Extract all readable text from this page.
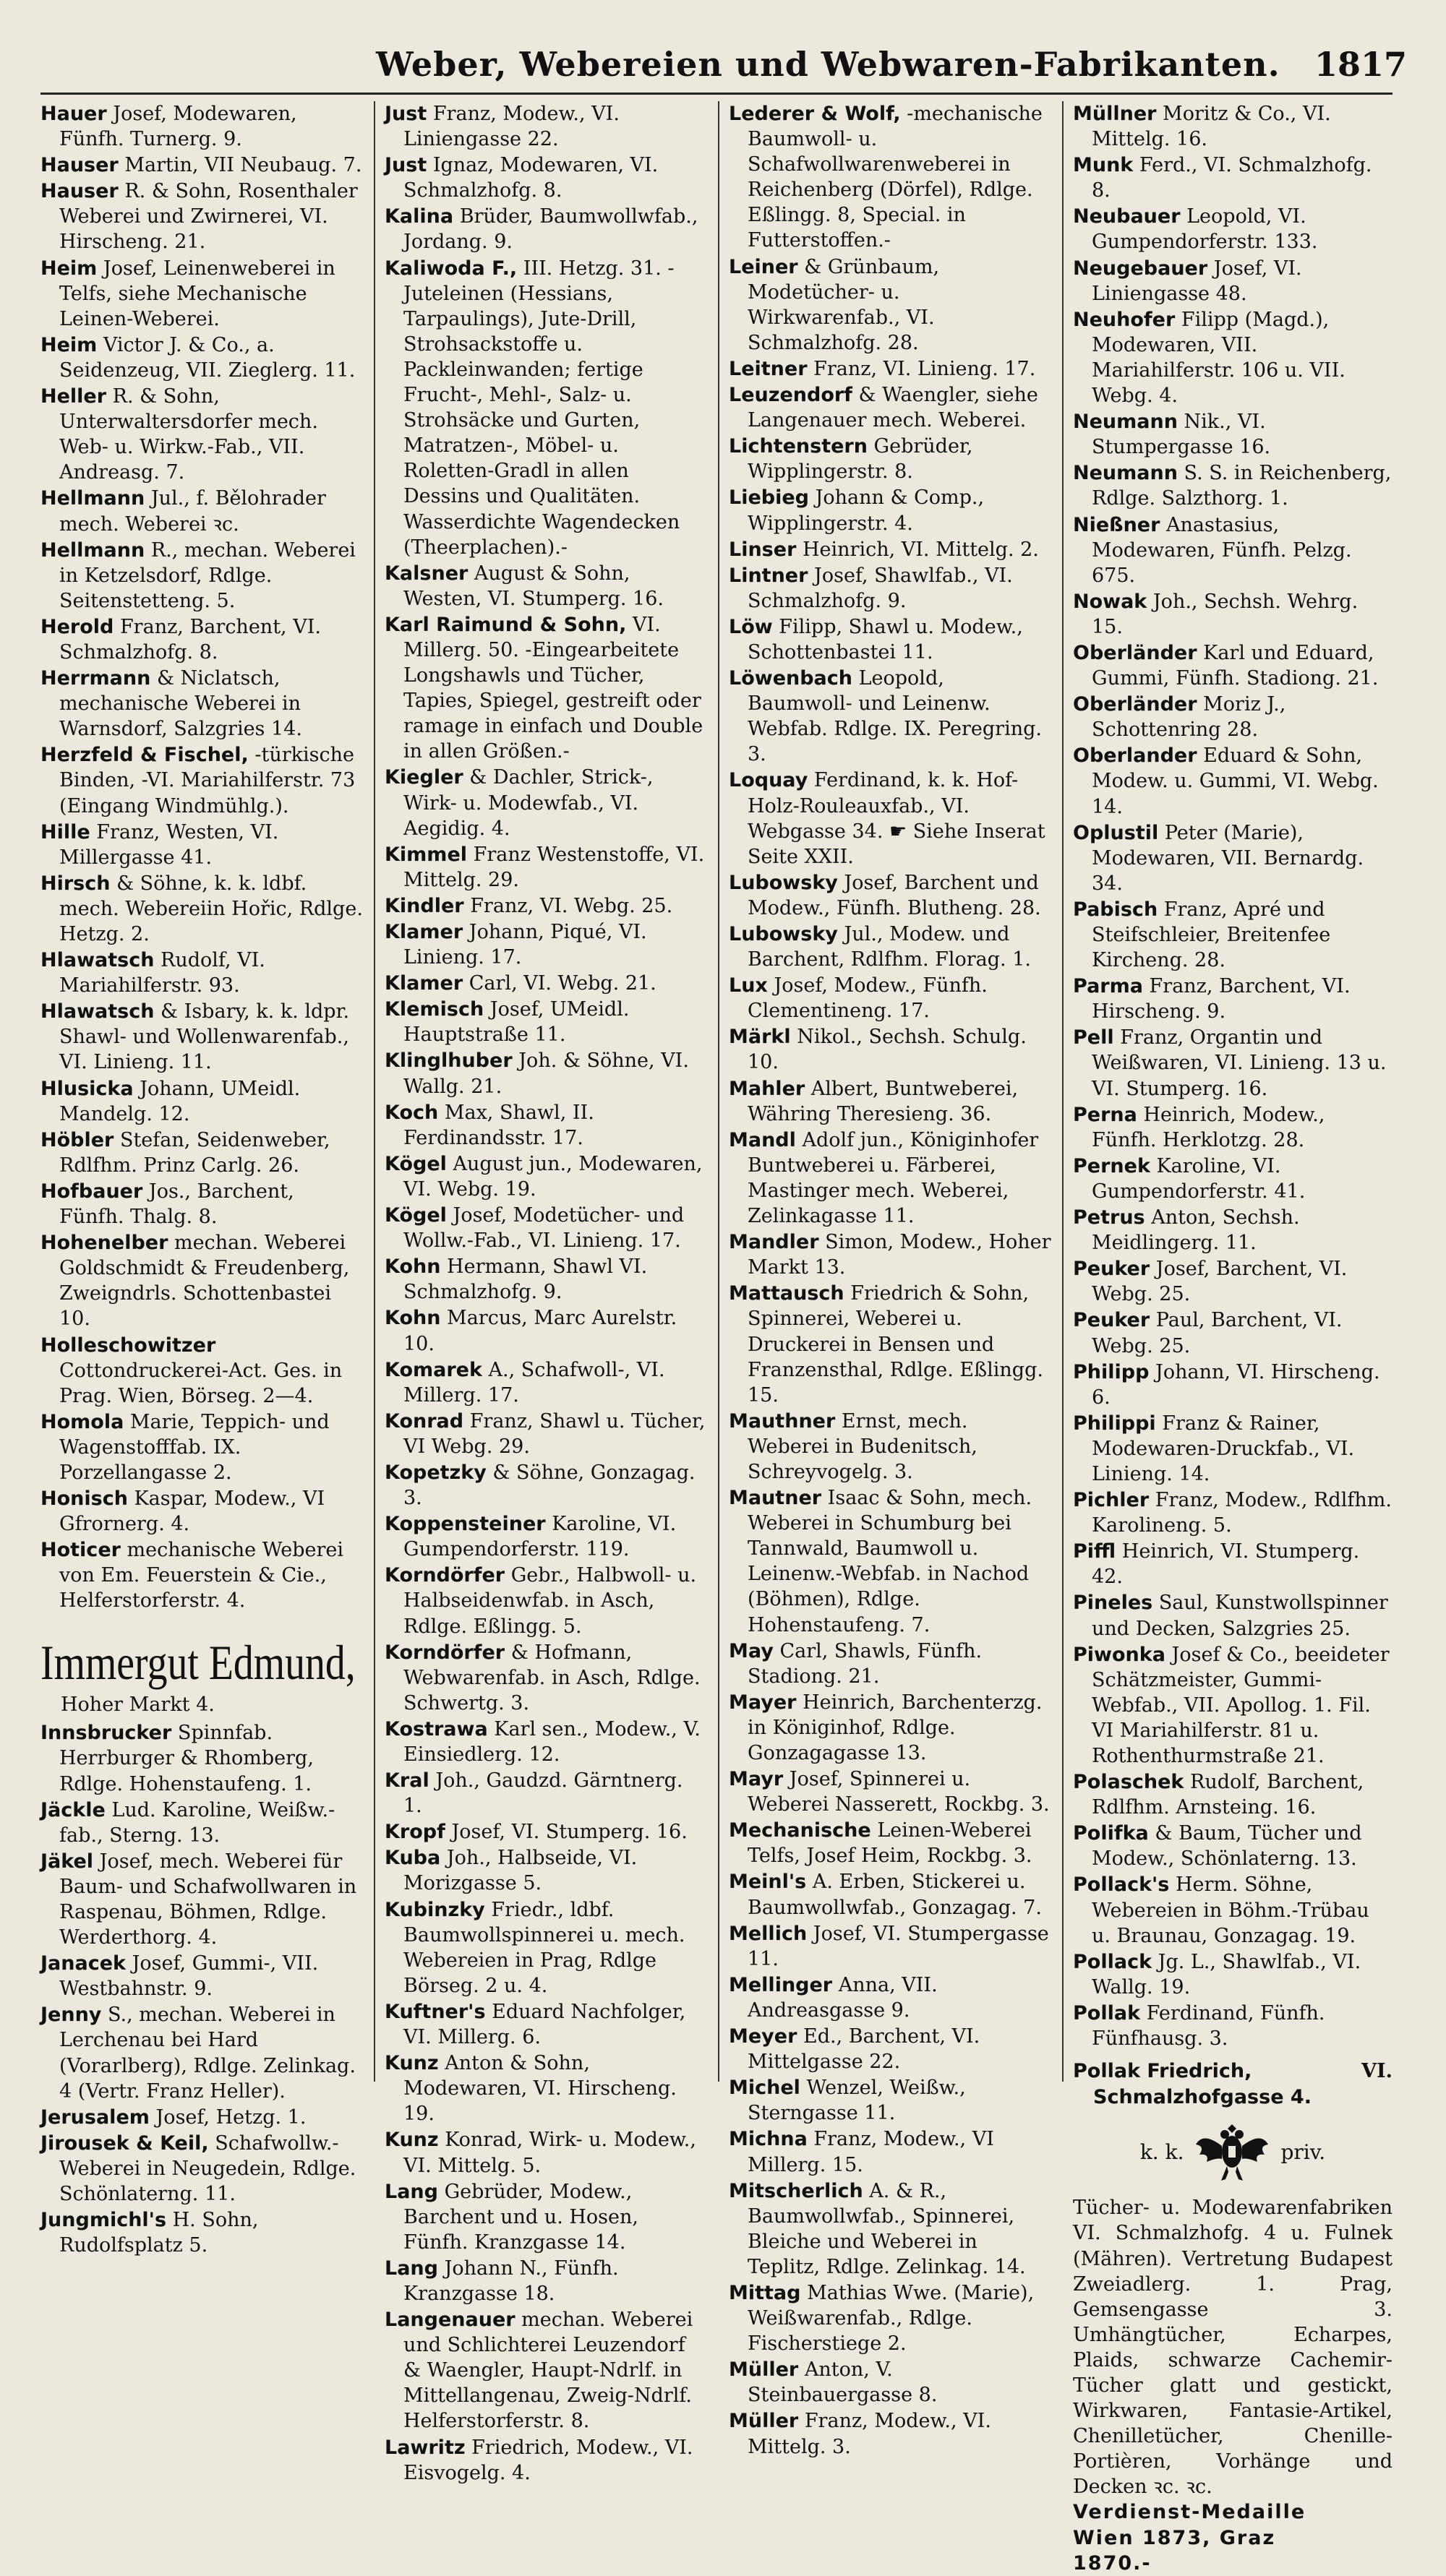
Weber, Webereien und Webwaren-Fabrikanten. 1817

Hauer Josef, Modewaren, Fünfh. Turnerg. 9.

Hauser Martin, VII Neubaug. 7.

Hauser R. & Sohn, Rosenthaler Weberei und Zwirnerei, VI. Hirscheng. 21.

Heim Josef, Leinenweberei in Telfs, siehe Mechanische Leinen-Weberei.

Heim Victor J. & Co., a. Seidenzeug, VII. Zieglerg. 11.

Heller R. & Sohn, Unterwaltersdorfer mech. Web- u. Wirkw.-Fab., VII. Andreasg. 7.

Hellmann Jul., f. Bělohrader mech. Weberei ꝛc.

Hellmann R., mechan. Weberei in Ketzelsdorf, Rdlge. Seitenstetteng. 5.

Herold Franz, Barchent, VI. Schmalzhofg. 8.

Herrmann & Niclatsch, mechanische Weberei in Warnsdorf, Salzgries 14.

Herzfeld & Fischel, -türkische Binden, -VI. Mariahilferstr. 73 (Eingang Windmühlg.).

Hille Franz, Westen, VI. Millergasse 41.

Hirsch & Söhne, k. k. ldbf. mech. Webereiin Hořic, Rdlge. Hetzg. 2.

Hlawatsch Rudolf, VI. Mariahilferstr. 93.

Hlawatsch & Isbary, k. k. ldpr. Shawl- und Wollenwarenfab., VI. Linieng. 11.

Hlusicka Johann, UMeidl. Mandelg. 12.

Höbler Stefan, Seidenweber, Rdlfhm. Prinz Carlg. 26.

Hofbauer Jos., Barchent, Fünfh. Thalg. 8.

Hohenelber mechan. Weberei Goldschmidt & Freudenberg, Zweigndrls. Schottenbastei 10.

Holleschowitzer Cottondruckerei-Act. Ges. in Prag. Wien, Börseg. 2—4.

Homola Marie, Teppich- und Wagenstofffab. IX. Porzellangasse 2.

Honisch Kaspar, Modew., VI Gfrornerg. 4.

Hoticer mechanische Weberei von Em. Feuerstein & Cie., Helferstorferstr. 4.

Immergut Edmund,
Hoher Markt 4.

Innsbrucker Spinnfab. Herrburger & Rhomberg, Rdlge. Hohenstaufeng. 1.

Jäckle Lud. Karoline, Weißw.-fab., Sterng. 13.

Jäkel Josef, mech. Weberei für Baum- und Schafwollwaren in Raspenau, Böhmen, Rdlge. Werderthorg. 4.

Janacek Josef, Gummi-, VII. Westbahnstr. 9.

Jenny S., mechan. Weberei in Lerchenau bei Hard (Vorarlberg), Rdlge. Zelinkag. 4 (Vertr. Franz Heller).

Jerusalem Josef, Hetzg. 1.

Jirousek & Keil, Schafwollw.-Weberei in Neugedein, Rdlge. Schönlaterng. 11.

Jungmichl's H. Sohn, Rudolfsplatz 5.

Just Franz, Modew., VI. Liniengasse 22.

Just Ignaz, Modewaren, VI. Schmalzhofg. 8.

Kalina Brüder, Baumwollwfab., Jordang. 9.

Kaliwoda F., III. Hetzg. 31. -Juteleinen (Hessians, Tarpaulings), Jute-Drill, Strohsackstoffe u. Packleinwanden; fertige Frucht-, Mehl-, Salz- u. Strohsäcke und Gurten, Matratzen-, Möbel- u. Roletten-Gradl in allen Dessins und Qualitäten. Wasserdichte Wagendecken (Theerplachen).-

Kalsner August & Sohn, Westen, VI. Stumperg. 16.

Karl Raimund & Sohn, VI. Millerg. 50. -Eingearbeitete Longshawls und Tücher, Tapies, Spiegel, gestreift oder ramage in einfach und Double in allen Größen.-

Kiegler & Dachler, Strick-, Wirk- u. Modewfab., VI. Aegidig. 4.

Kimmel Franz Westenstoffe, VI. Mittelg. 29.

Kindler Franz, VI. Webg. 25.

Klamer Johann, Piqué, VI. Linieng. 17.

Klamer Carl, VI. Webg. 21.

Klemisch Josef, UMeidl. Hauptstraße 11.

Klinglhuber Joh. & Söhne, VI. Wallg. 21.

Koch Max, Shawl, II. Ferdinandsstr. 17.

Kögel August jun., Modewaren, VI. Webg. 19.

Kögel Josef, Modetücher- und Wollw.-Fab., VI. Linieng. 17.

Kohn Hermann, Shawl VI. Schmalzhofg. 9.

Kohn Marcus, Marc Aurelstr. 10.

Komarek A., Schafwoll-, VI. Millerg. 17.

Konrad Franz, Shawl u. Tücher, VI Webg. 29.

Kopetzky & Söhne, Gonzagag. 3.

Koppensteiner Karoline, VI. Gumpendorferstr. 119.

Korndörfer Gebr., Halbwoll- u. Halbseidenwfab. in Asch, Rdlge. Eßlingg. 5.

Korndörfer & Hofmann, Webwarenfab. in Asch, Rdlge. Schwertg. 3.

Kostrawa Karl sen., Modew., V. Einsiedlerg. 12.

Kral Joh., Gaudzd. Gärntnerg. 1.

Kropf Josef, VI. Stumperg. 16.

Kuba Joh., Halbseide, VI. Morizgasse 5.

Kubinzky Friedr., ldbf. Baumwollspinnerei u. mech. Webereien in Prag, Rdlge Börseg. 2 u. 4.

Kuftner's Eduard Nachfolger, VI. Millerg. 6.

Kunz Anton & Sohn, Modewaren, VI. Hirscheng. 19.

Kunz Konrad, Wirk- u. Modew., VI. Mittelg. 5.

Lang Gebrüder, Modew., Barchent und u. Hosen, Fünfh. Kranzgasse 14.

Lang Johann N., Fünfh. Kranzgasse 18.

Langenauer mechan. Weberei und Schlichterei Leuzendorf & Waengler, Haupt-Ndrlf. in Mittellangenau, Zweig-Ndrlf. Helferstorferstr. 8.

Lawritz Friedrich, Modew., VI. Eisvogelg. 4.

Lederer & Wolf, -mechanische Baumwoll- u. Schafwollwarenweberei in Reichenberg (Dörfel), Rdlge. Eßlingg. 8, Special. in Futterstoffen.-

Leiner & Grünbaum, Modetücher- u. Wirkwarenfab., VI. Schmalzhofg. 28.

Leitner Franz, VI. Linieng. 17.

Leuzendorf & Waengler, siehe Langenauer mech. Weberei.

Lichtenstern Gebrüder, Wipplingerstr. 8.

Liebieg Johann & Comp., Wipplingerstr. 4.

Linser Heinrich, VI. Mittelg. 2.

Lintner Josef, Shawlfab., VI. Schmalzhofg. 9.

Löw Filipp, Shawl u. Modew., Schottenbastei 11.

Löwenbach Leopold, Baumwoll- und Leinenw. Webfab. Rdlge. IX. Peregring. 3.

Loquay Ferdinand, k. k. Hof-Holz-Rouleauxfab., VI. Webgasse 34. ☛ Siehe Inserat Seite XXII.

Lubowsky Josef, Barchent und Modew., Fünfh. Blutheng. 28.

Lubowsky Jul., Modew. und Barchent, Rdlfhm. Florag. 1.

Lux Josef, Modew., Fünfh. Clementineng. 17.

Märkl Nikol., Sechsh. Schulg. 10.

Mahler Albert, Buntweberei, Währing Theresieng. 36.

Mandl Adolf jun., Königinhofer Buntweberei u. Färberei, Mastinger mech. Weberei, Zelinkagasse 11.

Mandler Simon, Modew., Hoher Markt 13.

Mattausch Friedrich & Sohn, Spinnerei, Weberei u. Druckerei in Bensen und Franzensthal, Rdlge. Eßlingg. 15.

Mauthner Ernst, mech. Weberei in Budenitsch, Schreyvogelg. 3.

Mautner Isaac & Sohn, mech. Weberei in Schumburg bei Tannwald, Baumwoll u. Leinenw.-Webfab. in Nachod (Böhmen), Rdlge. Hohenstaufeng. 7.

May Carl, Shawls, Fünfh. Stadiong. 21.

Mayer Heinrich, Barchenterzg. in Königinhof, Rdlge. Gonzagagasse 13.

Mayr Josef, Spinnerei u. Weberei Nasserett, Rockbg. 3.

Mechanische Leinen-Weberei Telfs, Josef Heim, Rockbg. 3.

Meinl's A. Erben, Stickerei u. Baumwollwfab., Gonzagag. 7.

Mellich Josef, VI. Stumpergasse 11.

Mellinger Anna, VII. Andreasgasse 9.

Meyer Ed., Barchent, VI. Mittelgasse 22.

Michel Wenzel, Weißw., Sterngasse 11.

Michna Franz, Modew., VI Millerg. 15.

Mitscherlich A. & R., Baumwollwfab., Spinnerei, Bleiche und Weberei in Teplitz, Rdlge. Zelinkag. 14.

Mittag Mathias Wwe. (Marie), Weißwarenfab., Rdlge. Fischerstiege 2.

Müller Anton, V. Steinbauergasse 8.

Müller Franz, Modew., VI. Mittelg. 3.

Müllner Moritz & Co., VI. Mittelg. 16.

Munk Ferd., VI. Schmalzhofg. 8.

Neubauer Leopold, VI. Gumpendorferstr. 133.

Neugebauer Josef, VI. Liniengasse 48.

Neuhofer Filipp (Magd.), Modewaren, VII. Mariahilferstr. 106 u. VII. Webg. 4.

Neumann Nik., VI. Stumpergasse 16.

Neumann S. S. in Reichenberg, Rdlge. Salzthorg. 1.

Nießner Anastasius, Modewaren, Fünfh. Pelzg. 675.

Nowak Joh., Sechsh. Wehrg. 15.

Oberländer Karl und Eduard, Gummi, Fünfh. Stadiong. 21.

Oberländer Moriz J., Schottenring 28.

Oberlander Eduard & Sohn, Modew. u. Gummi, VI. Webg. 14.

Oplustil Peter (Marie), Modewaren, VII. Bernardg. 34.

Pabisch Franz, Apré und Steifschleier, Breitenfee Kircheng. 28.

Parma Franz, Barchent, VI. Hirscheng. 9.

Pell Franz, Organtin und Weißwaren, VI. Linieng. 13 u. VI. Stumperg. 16.

Perna Heinrich, Modew., Fünfh. Herklotzg. 28.

Pernek Karoline, VI. Gumpendorferstr. 41.

Petrus Anton, Sechsh. Meidlingerg. 11.

Peuker Josef, Barchent, VI. Webg. 25.

Peuker Paul, Barchent, VI. Webg. 25.

Philipp Johann, VI. Hirscheng. 6.

Philippi Franz & Rainer, Modewaren-Druckfab., VI. Linieng. 14.

Pichler Franz, Modew., Rdlfhm. Karolineng. 5.

Piffl Heinrich, VI. Stumperg. 42.

Pineles Saul, Kunstwollspinner und Decken, Salzgries 25.

Piwonka Josef & Co., beeideter Schätzmeister, Gummi-Webfab., VII. Apollog. 1. Fil. VI Mariahilferstr. 81 u. Rothenthurmstraße 21.

Polaschek Rudolf, Barchent, Rdlfhm. Arnsteing. 16.

Polifka & Baum, Tücher und Modew., Schönlaterng. 13.

Pollack's Herm. Söhne, Webereien in Böhm.-Trübau u. Braunau, Gonzagag. 19.

Pollack Jg. L., Shawlfab., VI. Wallg. 19.

Pollak Ferdinand, Fünfh. Fünfhausg. 3.

Pollak Friedrich,	VI.
Schmalzhofgasse 4.
k. k.	priv.
Tücher- u. Modewarenfabriken VI. Schmalzhofg. 4 u. Fulnek (Mähren). Vertretung Budapest Zweiadlerg. 1. Prag, Gemsengasse 3. Umhängtücher, Echarpes, Plaids, schwarze Cachemir-Tücher glatt und gestickt, Wirkwaren, Fantasie-Artikel, Chenilletücher, Chenille-Portièren, Vorhänge und Decken ꝛc. ꝛc.
Verdienst-Medaille
Wien 1873, Graz
1870.-
